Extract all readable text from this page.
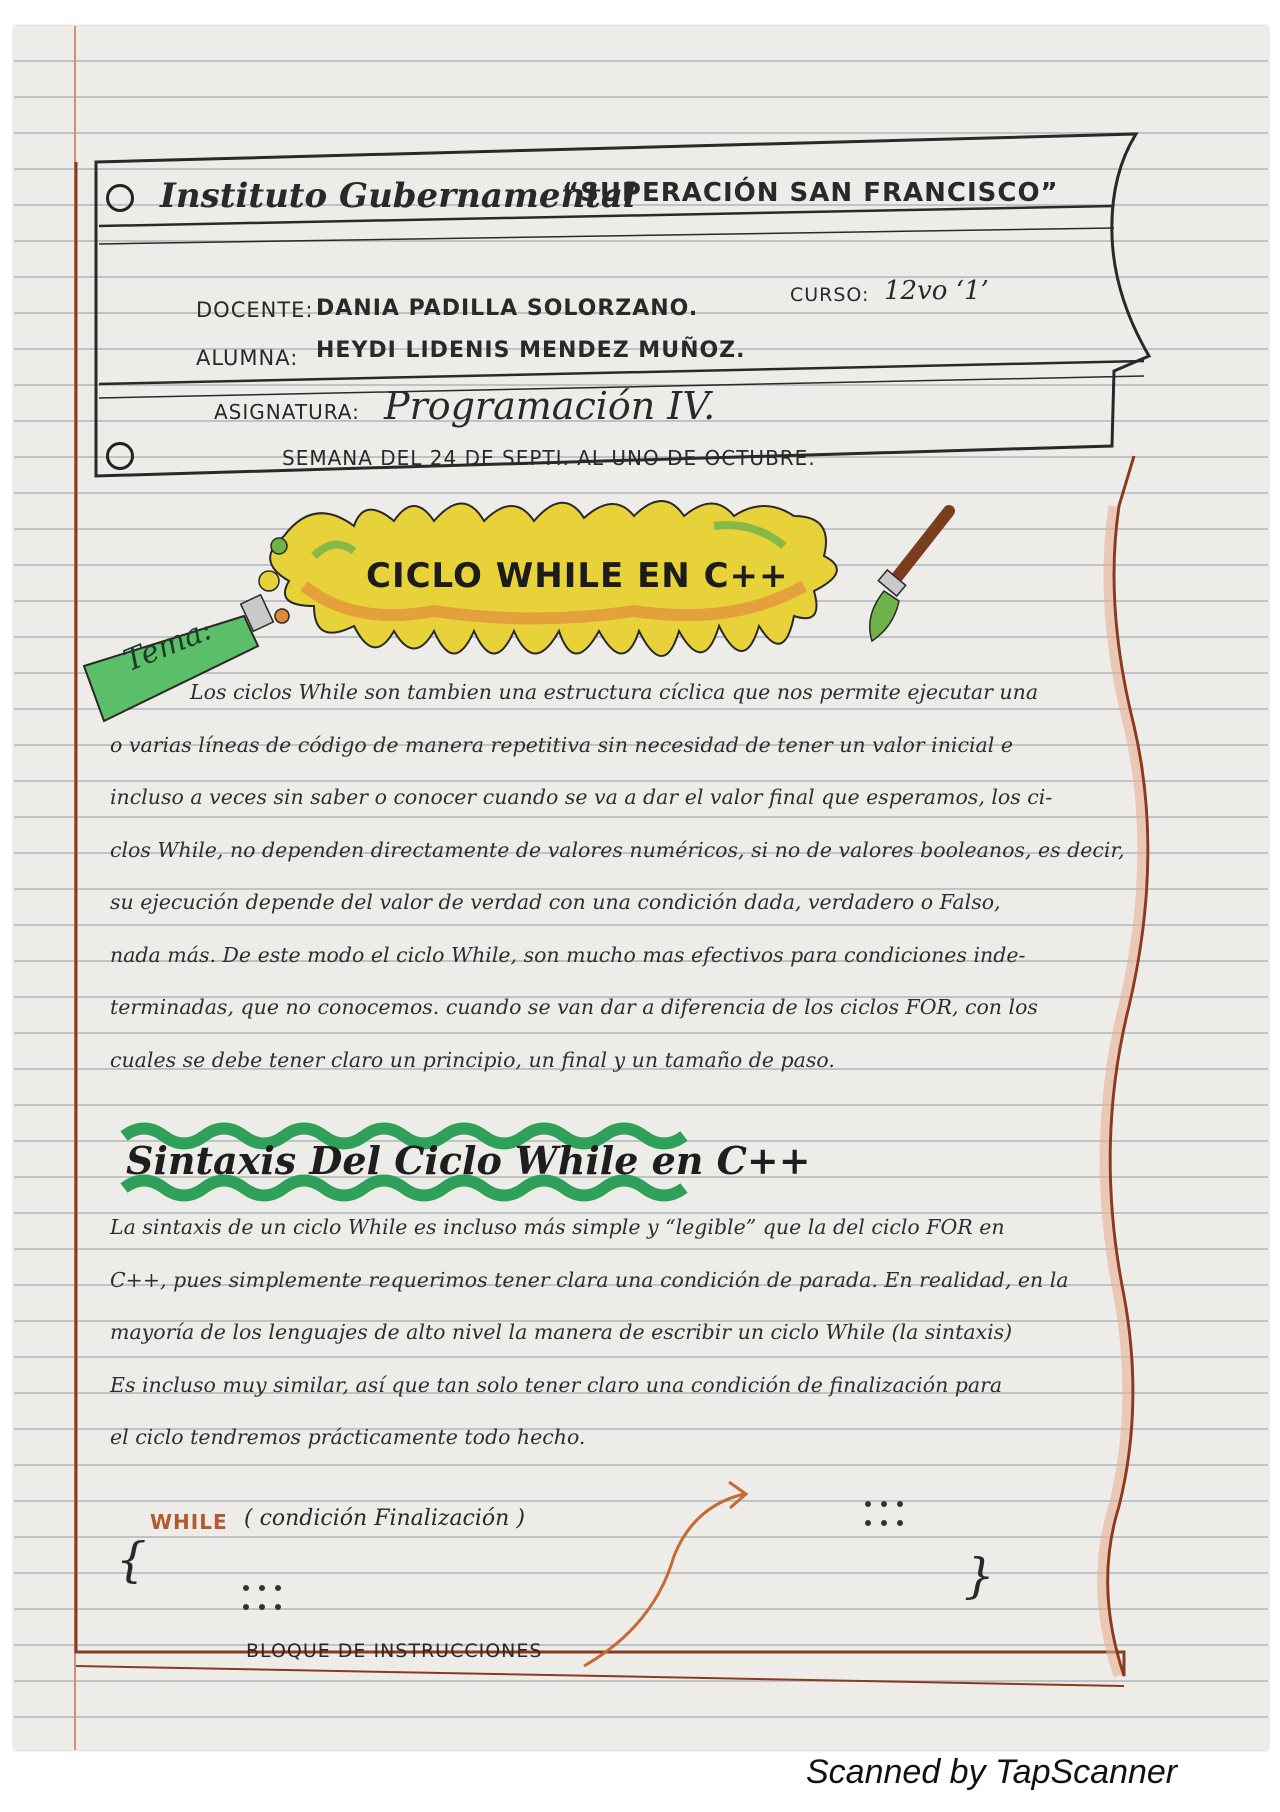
Instituto Gubernamental
“SUPERACIÓN SAN FRANCISCO”
DOCENTE: DANIA PADILLA SOLORZANO.
CURSO: 12vo ‘1’
ALUMNA: HEYDI LIDENIS MENDEZ MUÑOZ.
ASIGNATURA: Programación IV.
SEMANA DEL 24 DE SEPTI. AL UNO DE OCTUBRE.
Tema:
CICLO WHILE EN C++

Los ciclos While son tambien una estructura cíclica que nos permite ejecutar una

o varias líneas de código de manera repetitiva sin necesidad de tener un valor inicial e

incluso a veces sin saber o conocer cuando se va a dar el valor final que esperamos, los ci-

clos While, no dependen directamente de valores numéricos, si no de valores booleanos, es decir,

su ejecución depende del valor de verdad con una condición dada, verdadero o Falso,

nada más. De este modo el ciclo While, son mucho mas efectivos para condiciones inde-

terminadas, que no conocemos. cuando se van dar a diferencia de los ciclos FOR, con los

cuales se debe tener claro un principio, un final y un tamaño de paso.

Sintaxis Del Ciclo While en C++

La sintaxis de un ciclo While es incluso más simple y “legible” que la del ciclo FOR en

C++, pues simplemente requerimos tener clara una condición de parada. En realidad, en la

mayoría de los lenguajes de alto nivel la manera de escribir un ciclo While (la sintaxis)

Es incluso muy similar, así que tan solo tener claro una condición de finalización para

el ciclo tendremos prácticamente todo hecho.

WHILE ( condición Finalización )
{	}

BLOQUE DE INSTRUCCIONES
Scanned by TapScanner
